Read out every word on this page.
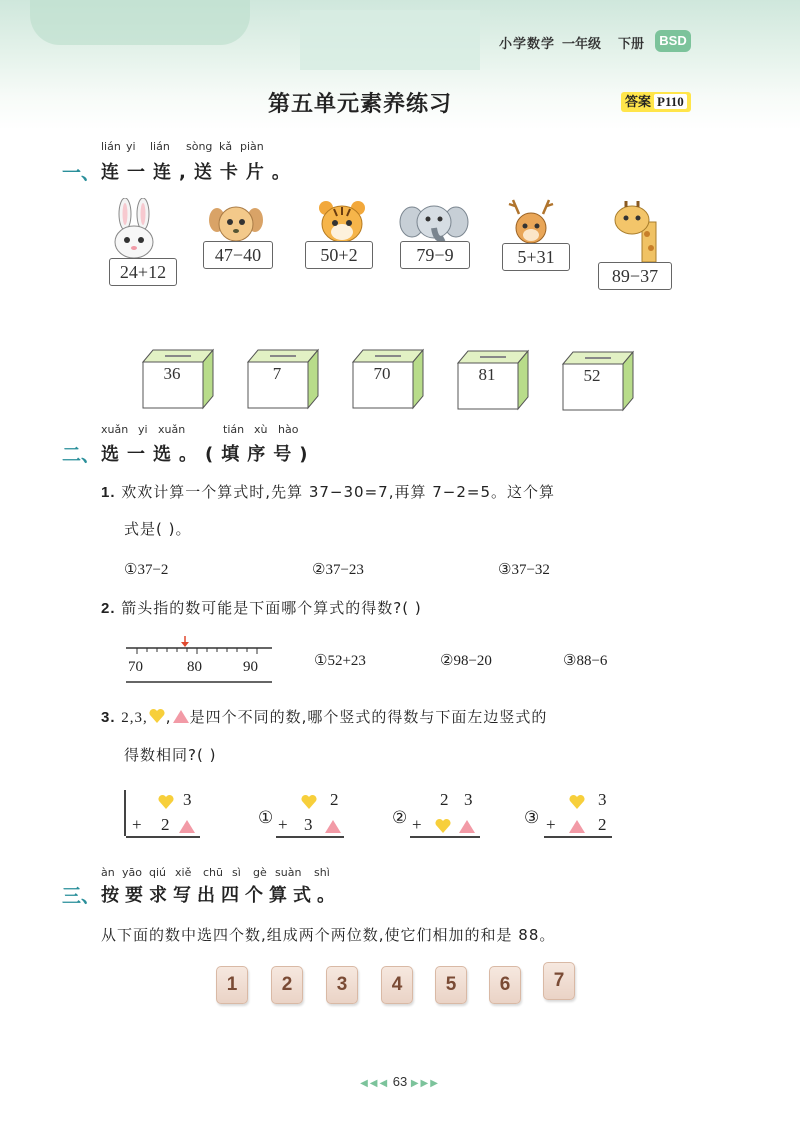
小学数学 一年级 下册	BSD
第五单元素养练习	答案 P110
lián yi lián sòng kǎ piàn
一、 连一连,送卡片。
24+12
47−40	50+2	79−9	5+31
89−37
36	7	70	81	52
xuǎn yi xuǎn	tián xù hào
二、 选一选。(填序号)
1. 欢欢计算一个算式时,先算 37−30=7,再算 7−2=5。这个算
式是( )。
①37−2	②37−23	③37−32
2. 箭头指的数可能是下面哪个算式的得数?( )
70	80	90	①52+23	②98−20	③88−6
3. 2,3, , 是四个不同的数,哪个竖式的得数与下面左边竖式的
得数相同?( )
3
+ 2	①
2
+ 3	②
2 3
+	③
3
+ 2
àn yāo qiú xiě chū sì gè suàn shì
三、 按要求写出四个算式。
从下面的数中选四个数,组成两个两位数,使它们相加的和是 88。
1	2	3	4	5	6	7
◀◀◀ 63 ▶▶▶
